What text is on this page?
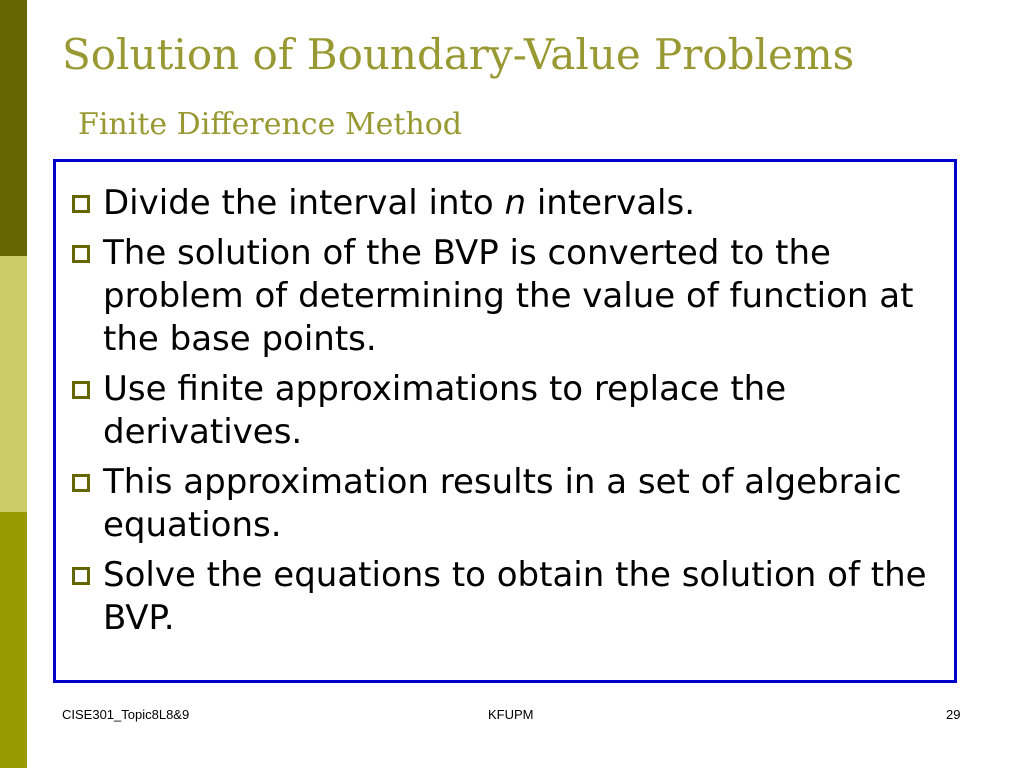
Solution of Boundary-Value Problems
Finite Difference Method
Divide the interval into n intervals.
The solution of the BVP is converted to the problem of determining the value of function at the base points.
Use finite approximations to replace the derivatives.
This approximation results in a set of algebraic equations.
Solve the equations to obtain the solution of the BVP.
CISE301_Topic8L8&9	KFUPM	29
